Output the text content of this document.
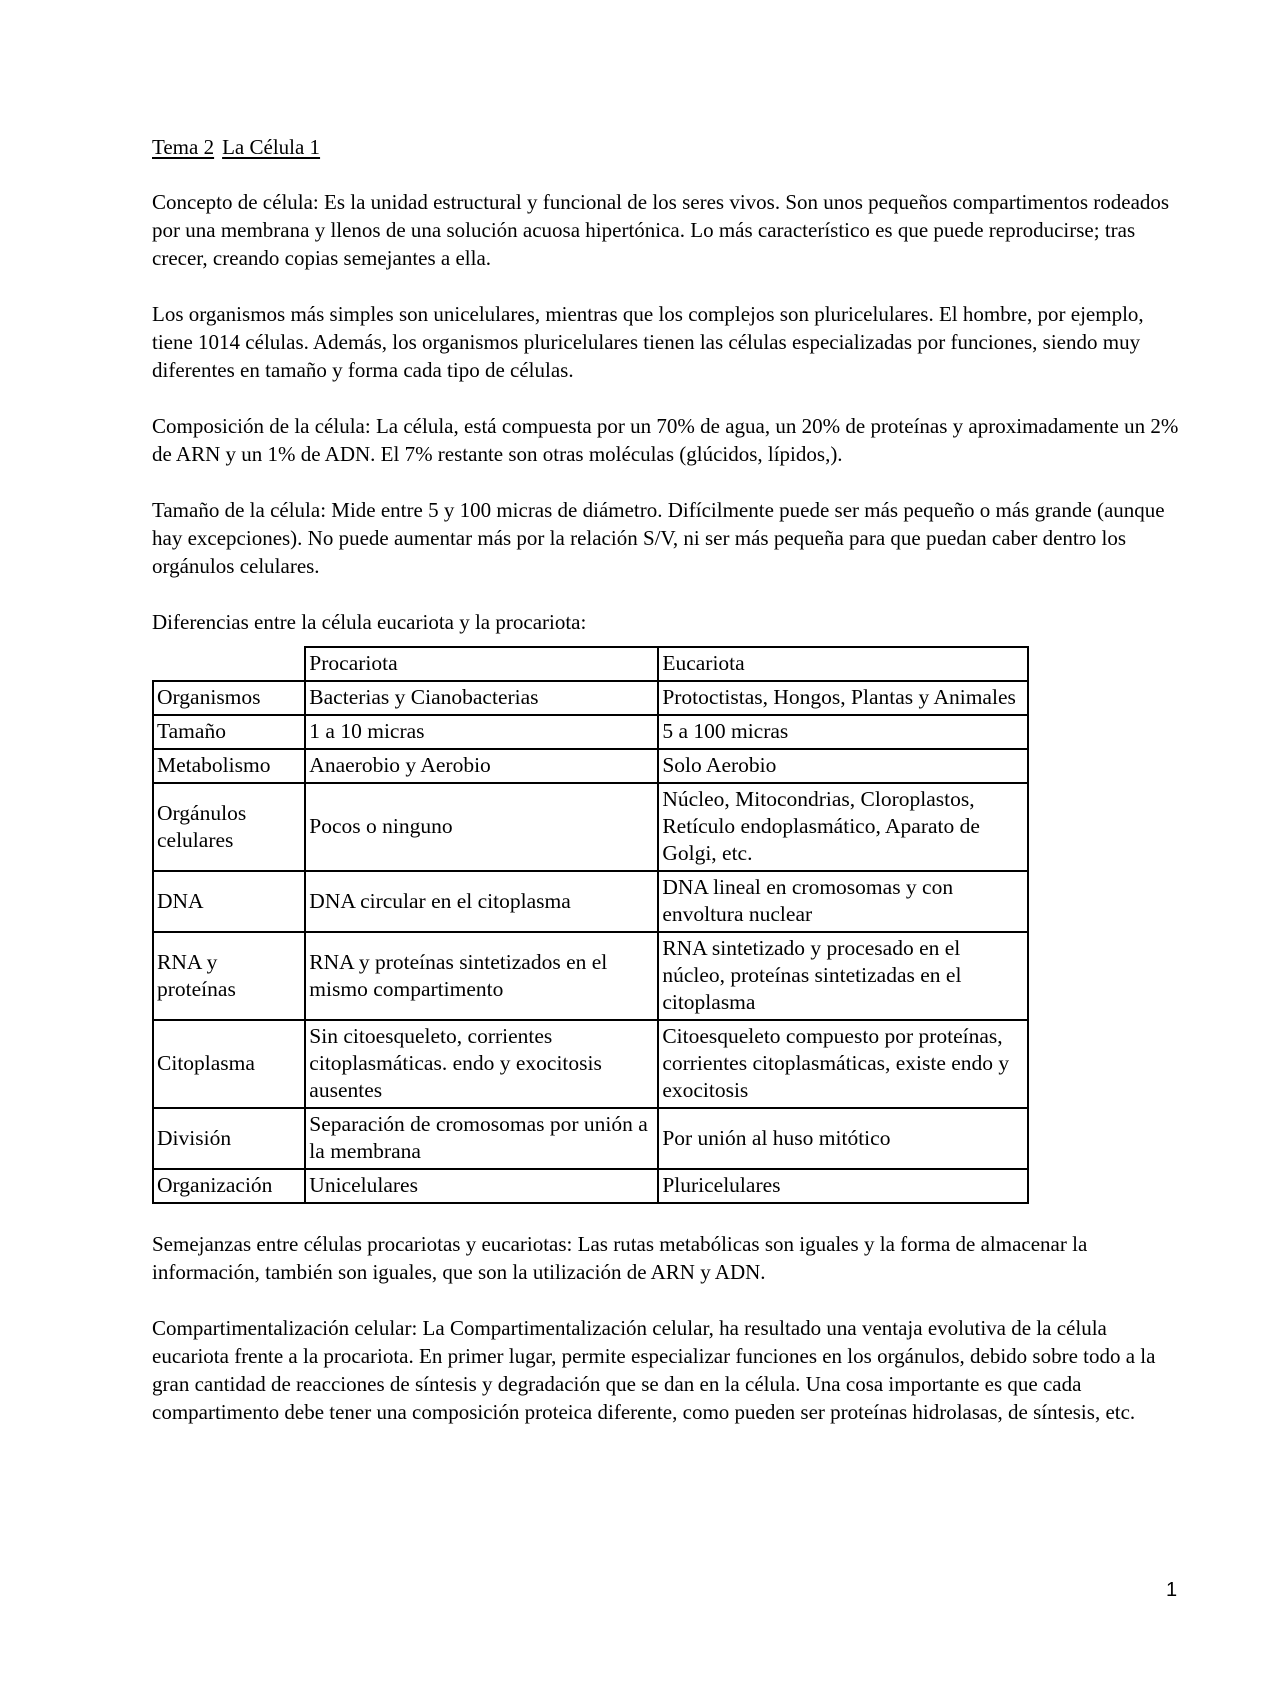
Tema 2 La Célula 1

Concepto de célula: Es la unidad estructural y funcional de los seres vivos. Son unos pequeños compartimentos rodeados por una membrana y llenos de una solución acuosa hipertónica. Lo más característico es que puede reproducirse; tras crecer, creando copias semejantes a ella.

Los organismos más simples son unicelulares, mientras que los complejos son pluricelulares. El hombre, por ejemplo, tiene 1014 células. Además, los organismos pluricelulares tienen las células especializadas por funciones, siendo muy diferentes en tamaño y forma cada tipo de células.

Composición de la célula: La célula, está compuesta por un 70% de agua, un 20% de proteínas y aproximadamente un 2% de ARN y un 1% de ADN. El 7% restante son otras moléculas (glúcidos, lípidos,).

Tamaño de la célula: Mide entre 5 y 100 micras de diámetro. Difícilmente puede ser más pequeño o más grande (aunque hay excepciones). No puede aumentar más por la relación S/V, ni ser más pequeña para que puedan caber dentro los orgánulos celulares.

Diferencias entre la célula eucariota y la procariota:

	Procariota	Eucariota
Organismos	Bacterias y Cianobacterias	Protoctistas, Hongos, Plantas y Animales
Tamaño	1 a 10 micras	5 a 100 micras
Metabolismo	Anaerobio y Aerobio	Solo Aerobio
Orgánulos celulares	Pocos o ninguno	Núcleo, Mitocondrias, Cloroplastos, Retículo endoplasmático, Aparato de Golgi, etc.
DNA	DNA circular en el citoplasma	DNA lineal en cromosomas y con envoltura nuclear
RNA y proteínas	RNA y proteínas sintetizados en el mismo compartimento	RNA sintetizado y procesado en el núcleo, proteínas sintetizadas en el citoplasma
Citoplasma	Sin citoesqueleto, corrientes citoplasmáticas. endo y exocitosis ausentes	Citoesqueleto compuesto por proteínas, corrientes citoplasmáticas, existe endo y exocitosis
División	Separación de cromosomas por unión a la membrana	Por unión al huso mitótico
Organización	Unicelulares	Pluricelulares

Semejanzas entre células procariotas y eucariotas: Las rutas metabólicas son iguales y la forma de almacenar la información, también son iguales, que son la utilización de ARN y ADN.

Compartimentalización celular: La Compartimentalización celular, ha resultado una ventaja evolutiva de la célula eucariota frente a la procariota. En primer lugar, permite especializar funciones en los orgánulos, debido sobre todo a la gran cantidad de reacciones de síntesis y degradación que se dan en la célula. Una cosa importante es que cada compartimento debe tener una composición proteica diferente, como pueden ser proteínas hidrolasas, de síntesis, etc.

1
